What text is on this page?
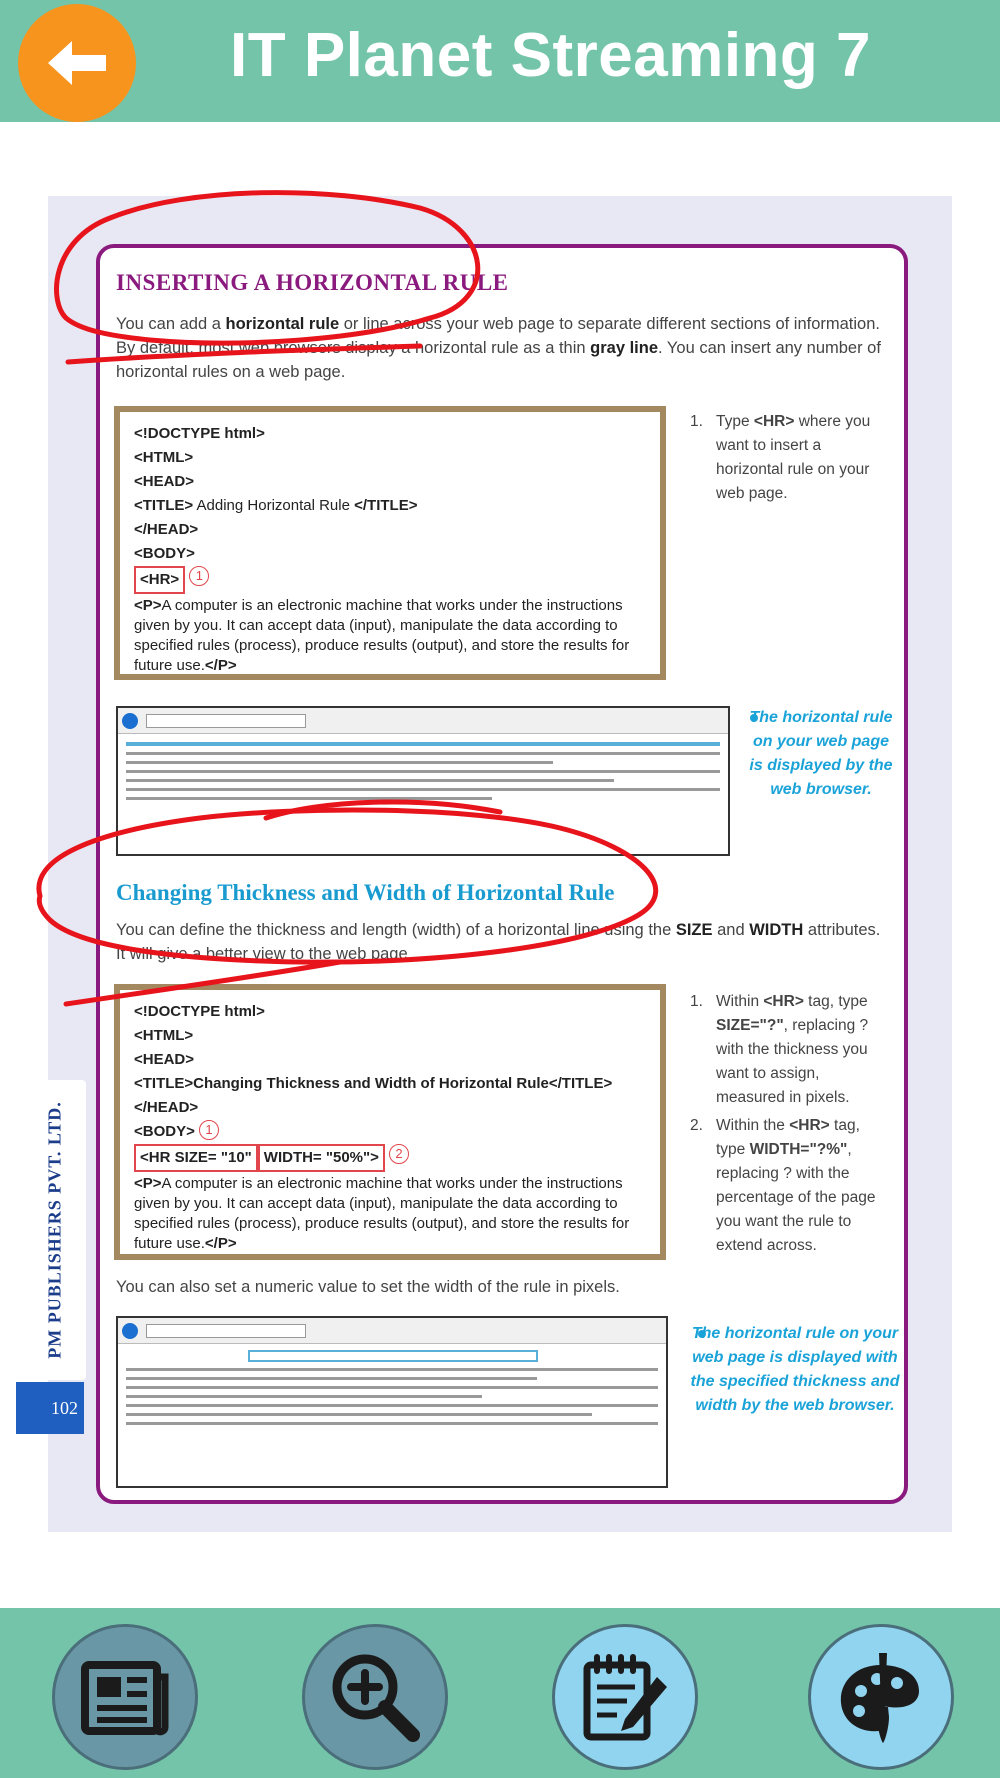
IT Planet Streaming 7
PM PUBLISHERS PVT. LTD.
102
INSERTING A HORIZONTAL RULE
You can add a horizontal rule or line across your web page to separate different sections of information. By default, most web browsers display a horizontal rule as a thin gray line. You can insert any number of horizontal rules on a web page.
<!DOCTYPE html>
<HTML>
<HEAD>
<TITLE> Adding Horizontal Rule </TITLE>
</HEAD>
<BODY>
<HR> 1
<P>A computer is an electronic machine that works under the instructions given by you. It can accept data (input), manipulate the data according to specified rules (process), produce results (output), and store the results for future use.</P>
1. Type <HR> where you want to insert a horizontal rule on your web page.
The horizontal rule on your web page is displayed by the web browser.
Changing Thickness and Width of Horizontal Rule
You can define the thickness and length (width) of a horizontal line using the SIZE and WIDTH attributes. It will give a better view to the web page.
<!DOCTYPE html>
<HTML>
<HEAD>
<TITLE>Changing Thickness and Width of Horizontal Rule</TITLE>
</HEAD>
<BODY> 1
<HR SIZE= "10" WIDTH= "50%"> 2
<P>A computer is an electronic machine that works under the instructions given by you. It can accept data (input), manipulate the data according to specified rules (process), produce results (output), and store the results for future use.</P>
1. Within <HR> tag, type SIZE="?", replacing ? with the thickness you want to assign, measured in pixels.
2. Within the <HR> tag, type WIDTH="?%", replacing ? with the percentage of the page you want the rule to extend across.
You can also set a numeric value to set the width of the rule in pixels.
The horizontal rule on your web page is displayed with the specified thickness and width by the web browser.
